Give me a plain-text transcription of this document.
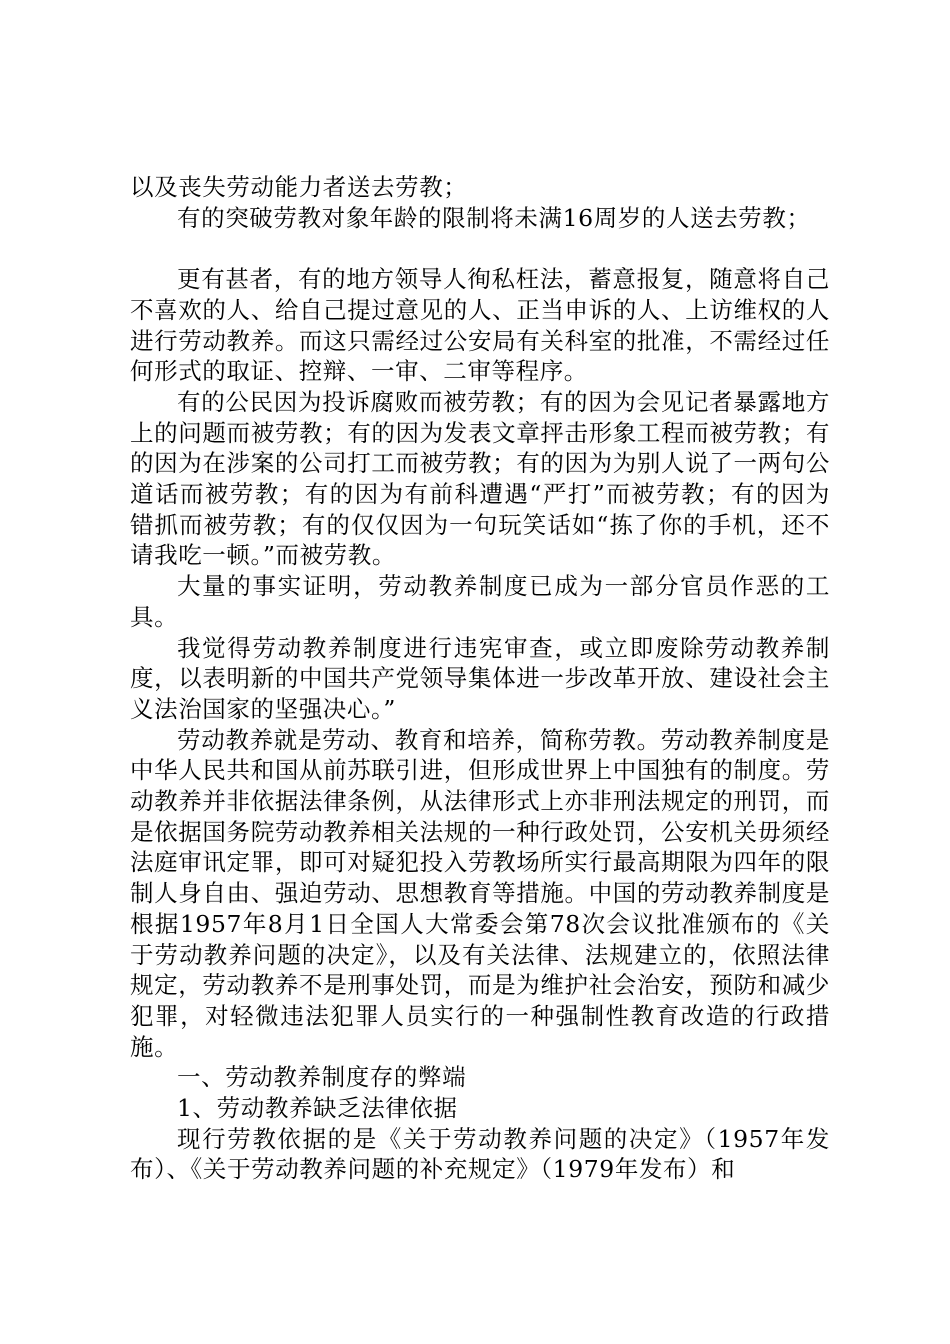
以及丧失劳动能力者送去劳教；

有的突破劳教对象年龄的限制将未满16周岁的人送去劳教；

更有甚者，有的地方领导人徇私枉法，蓄意报复，随意将自己不喜欢的人、给自己提过意见的人、正当申诉的人、上访维权的人进行劳动教养。而这只需经过公安局有关科室的批准，不需经过任何形式的取证、控辩、一审、二审等程序。

有的公民因为投诉腐败而被劳教；有的因为会见记者暴露地方上的问题而被劳教；有的因为发表文章抨击形象工程而被劳教；有的因为在涉案的公司打工而被劳教；有的因为为别人说了一两句公道话而被劳教；有的因为有前科遭遇“严打”而被劳教；有的因为错抓而被劳教；有的仅仅因为一句玩笑话如“拣了你的手机，还不请我吃一顿。”而被劳教。

大量的事实证明，劳动教养制度已成为一部分官员作恶的工具。

我觉得劳动教养制度进行违宪审查，或立即废除劳动教养制度，以表明新的中国共产党领导集体进一步改革开放、建设社会主义法治国家的坚强决心。”

劳动教养就是劳动、教育和培养，简称劳教。劳动教养制度是中华人民共和国从前苏联引进，但形成世界上中国独有的制度。劳动教养并非依据法律条例，从法律形式上亦非刑法规定的刑罚，而是依据国务院劳动教养相关法规的一种行政处罚，公安机关毋须经法庭审讯定罪，即可对疑犯投入劳教场所实行最高期限为四年的限制人身自由、强迫劳动、思想教育等措施。中国的劳动教养制度是根据1957年8月1日全国人大常委会第78次会议批准颁布的《关于劳动教养问题的决定》，以及有关法律、法规建立的，依照法律规定，劳动教养不是刑事处罚，而是为维护社会治安，预防和减少犯罪，对轻微违法犯罪人员实行的一种强制性教育改造的行政措施。

一、劳动教养制度存的弊端

1、劳动教养缺乏法律依据

现行劳教依据的是《关于劳动教养问题的决定》（1957年发布）、《关于劳动教养问题的补充规定》（1979年发布）和
